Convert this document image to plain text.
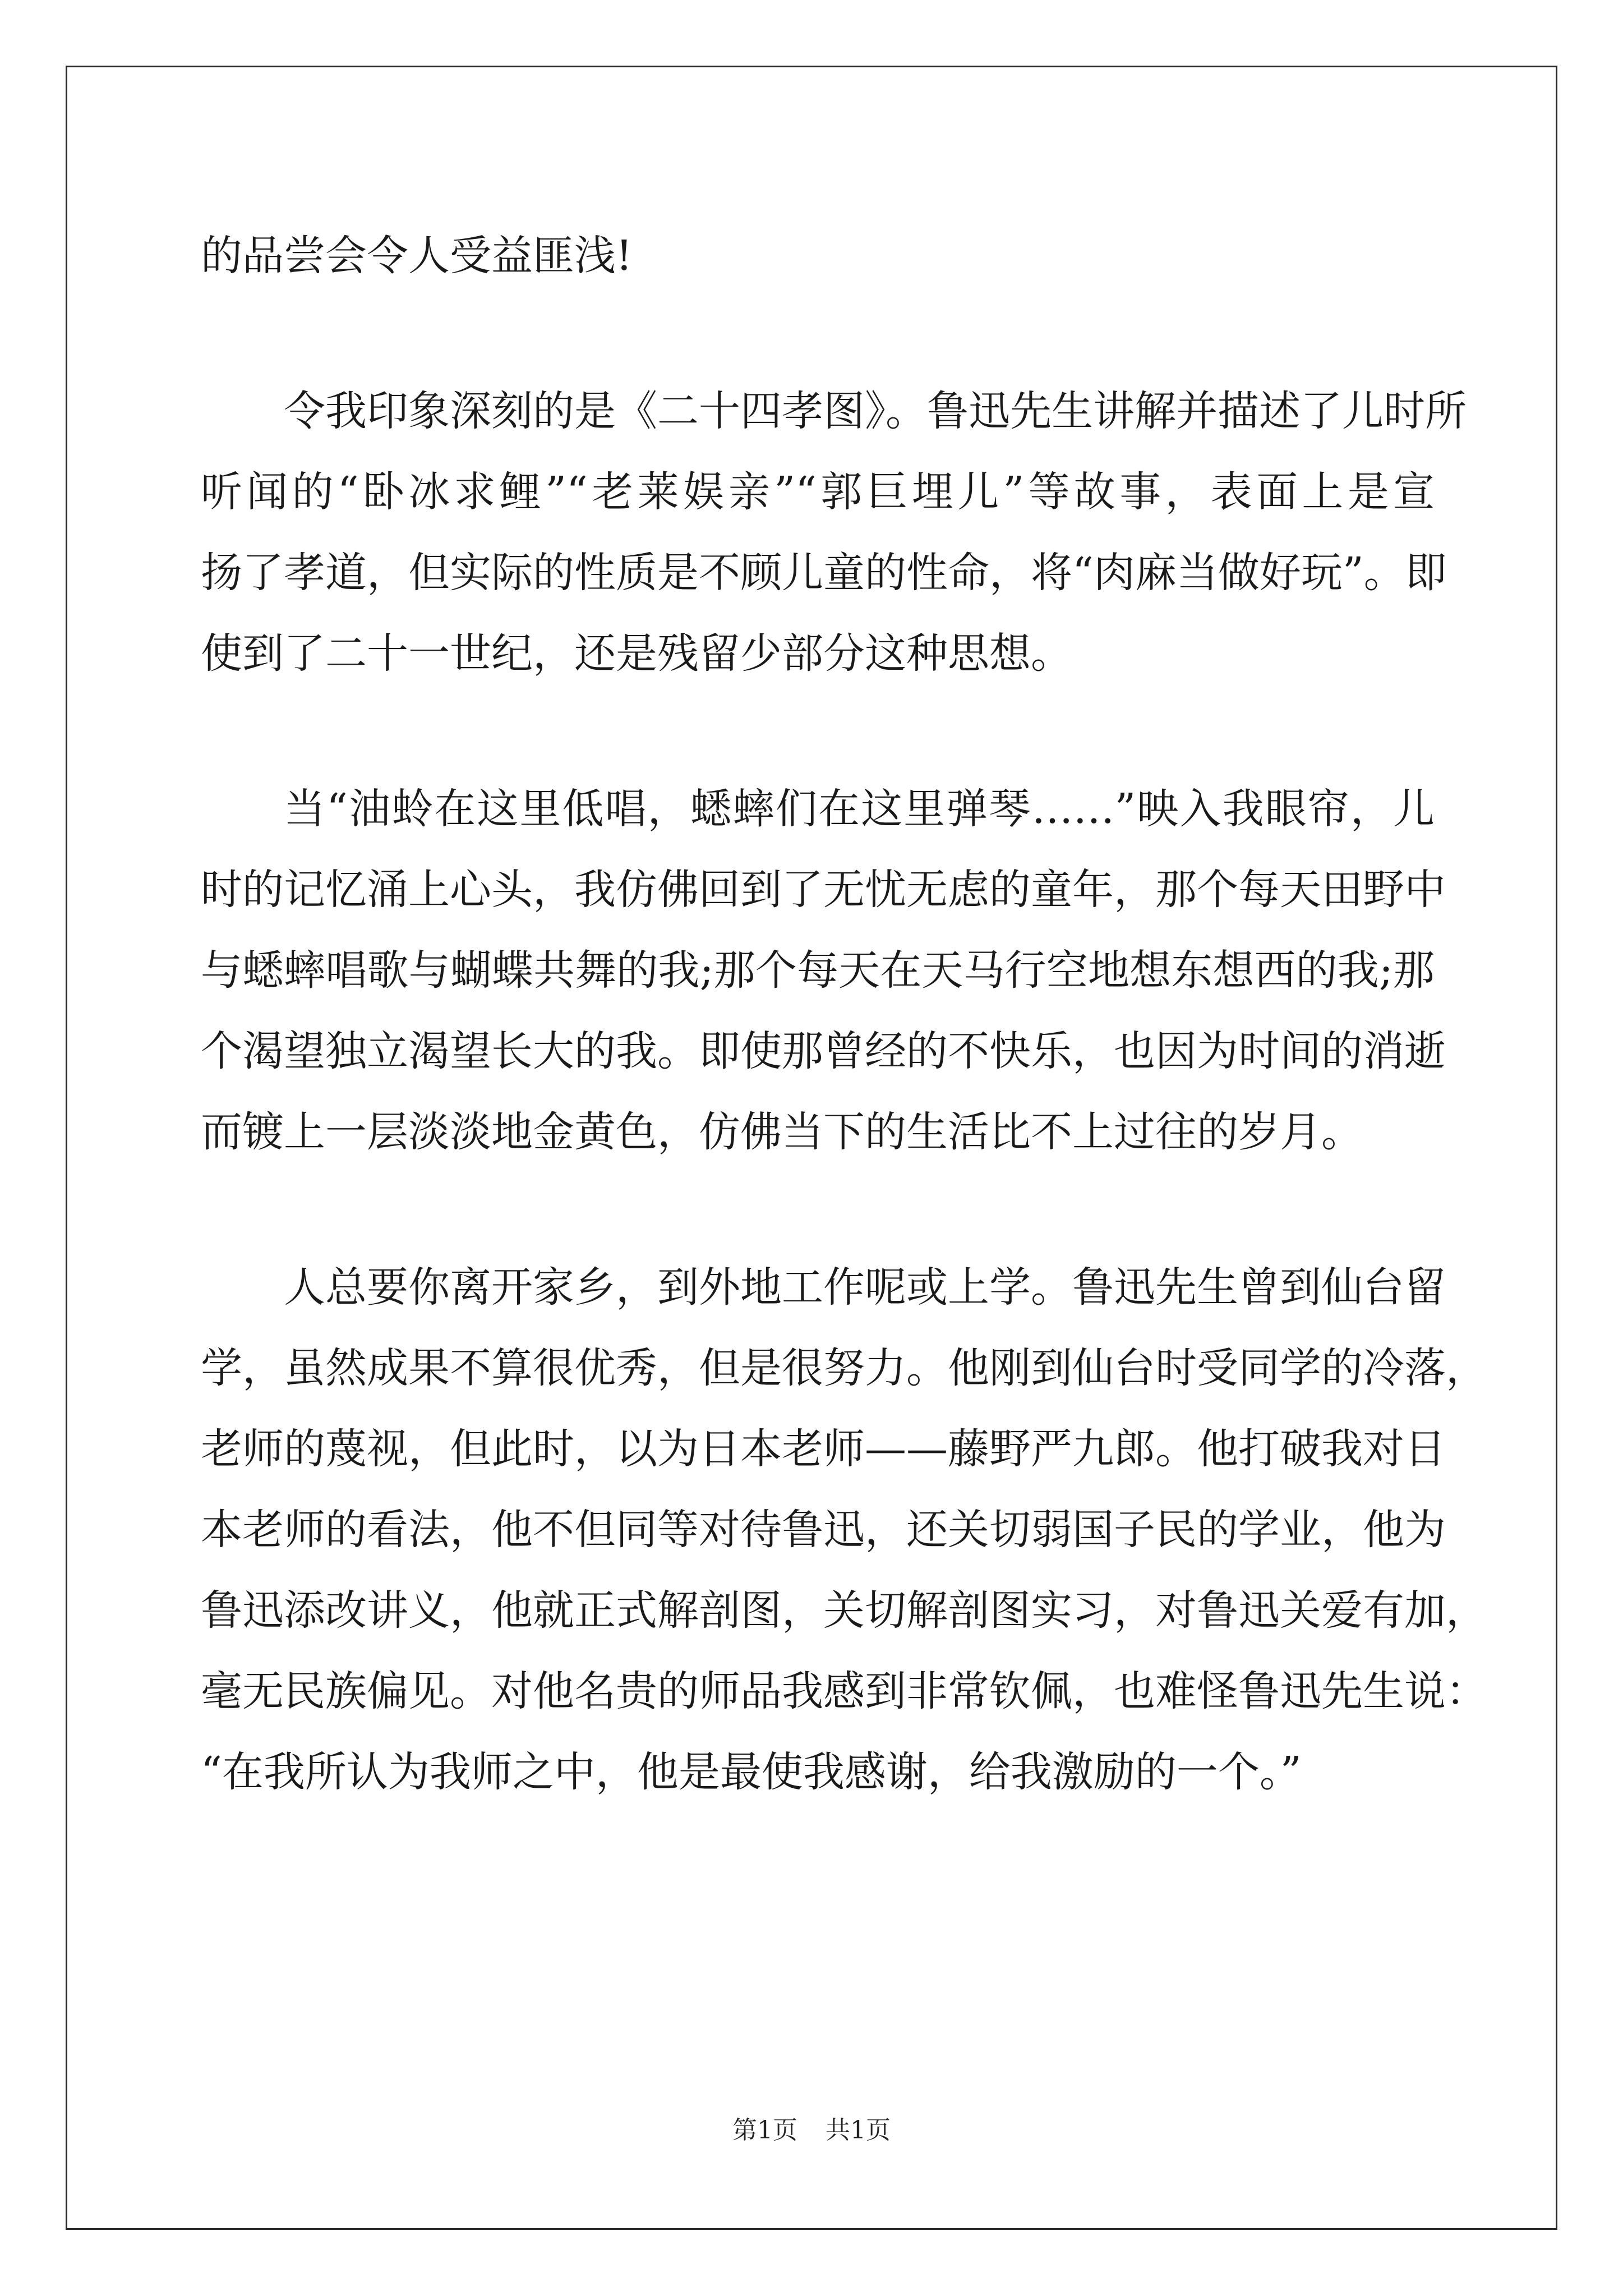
的品尝会令人受益匪浅!
令我印象深刻的是《二十四孝图》。鲁迅先生讲解并描述了儿时所
听闻的“卧冰求鲤”“老莱娱亲”“郭巨埋儿”等故事，表面上是宣
扬了孝道，但实际的性质是不顾儿童的性命，将“肉麻当做好玩”。即
使到了二十一世纪，还是残留少部分这种思想。
当“油蛉在这里低唱，蟋蟀们在这里弹琴……”映入我眼帘，儿
时的记忆涌上心头，我仿佛回到了无忧无虑的童年，那个每天田野中
与蟋蟀唱歌与蝴蝶共舞的我;那个每天在天马行空地想东想西的我;那
个渴望独立渴望长大的我。即使那曾经的不快乐，也因为时间的消逝
而镀上一层淡淡地金黄色，仿佛当下的生活比不上过往的岁月。
人总要你离开家乡，到外地工作呢或上学。鲁迅先生曾到仙台留
学，虽然成果不算很优秀，但是很努力。他刚到仙台时受同学的冷落，
老师的蔑视，但此时，以为日本老师——藤野严九郎。他打破我对日
本老师的看法，他不但同等对待鲁迅，还关切弱国子民的学业，他为
鲁迅添改讲义，他就正式解剖图，关切解剖图实习，对鲁迅关爱有加，
毫无民族偏见。对他名贵的师品我感到非常钦佩，也难怪鲁迅先生说：
“在我所认为我师之中，他是最使我感谢，给我激励的一个。”
第1页 共1页
